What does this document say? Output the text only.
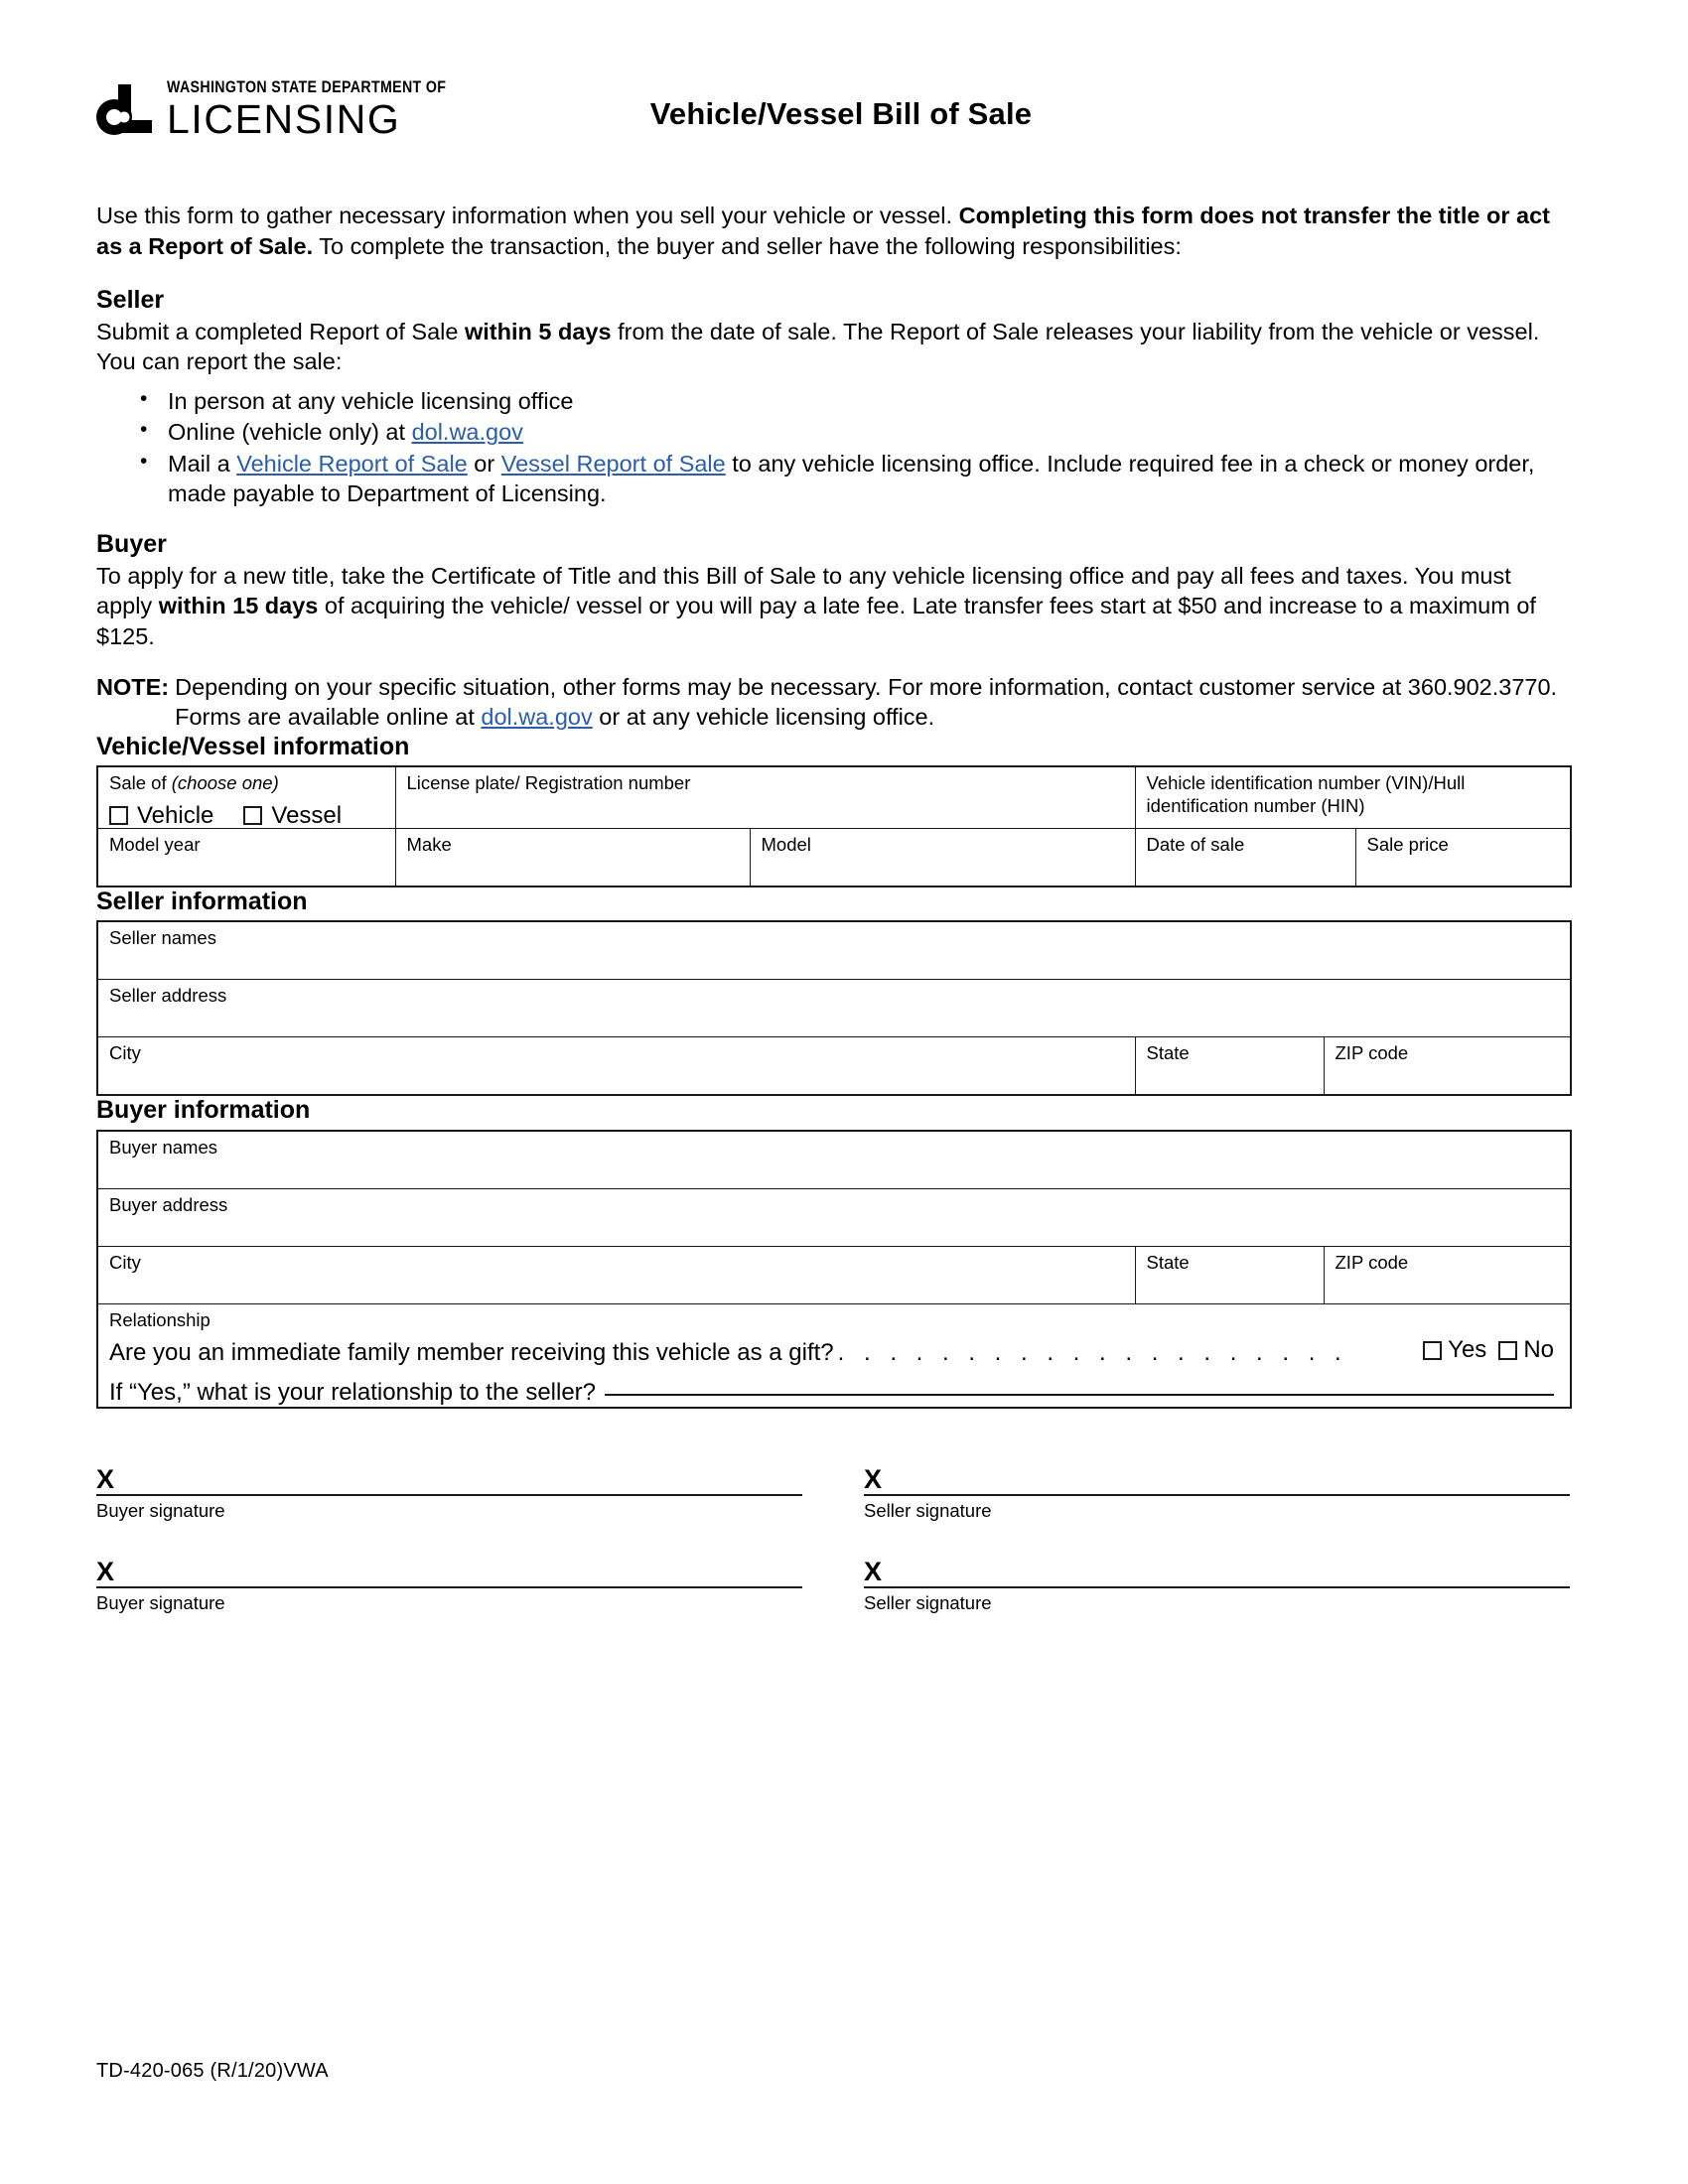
WASHINGTON STATE DEPARTMENT OF
LICENSING	Vehicle/Vessel Bill of Sale

Use this form to gather necessary information when you sell your vehicle or vessel. Completing this form does not transfer the title or act as a Report of Sale. To complete the transaction, the buyer and seller have the following responsibilities:

Seller

Submit a completed Report of Sale within 5 days from the date of sale. The Report of Sale releases your liability from the vehicle or vessel. You can report the sale:

• In person at any vehicle licensing office
• Online (vehicle only) at dol.wa.gov
• Mail a Vehicle Report of Sale or Vessel Report of Sale to any vehicle licensing office. Include required fee in a check or money order, made payable to Department of Licensing.
Buyer

To apply for a new title, take the Certificate of Title and this Bill of Sale to any vehicle licensing office and pay all fees and taxes. You must apply within 15 days of acquiring the vehicle/ vessel or you will pay a late fee. Late transfer fees start at $50 and increase to a maximum of $125.

NOTE: Depending on your specific situation, other forms may be necessary. For more information, contact customer service at 360.902.3770. Forms are available online at dol.wa.gov or at any vehicle licensing office.
Vehicle/Vessel information
Sale of (choose one)
Vehicle Vessel	License plate/ Registration number		Vehicle identification number (VIN)/Hull identification number (HIN)	

Model year	Make	Model	Date of sale	Sale price
Seller information
Seller names

Seller address

City	State	ZIP code
Buyer information
Buyer names

Buyer address

City	State	ZIP code

Relationship
Are you an immediate family member receiving this vehicle as a gift? . . . . . . . . . . . . . . . . . . . .	Yes No
If “Yes,” what is your relationship to the seller?
X
Buyer signature
X
Buyer signature
X
Seller signature
X
Seller signature
TD-420-065 (R/1/20)VWA
